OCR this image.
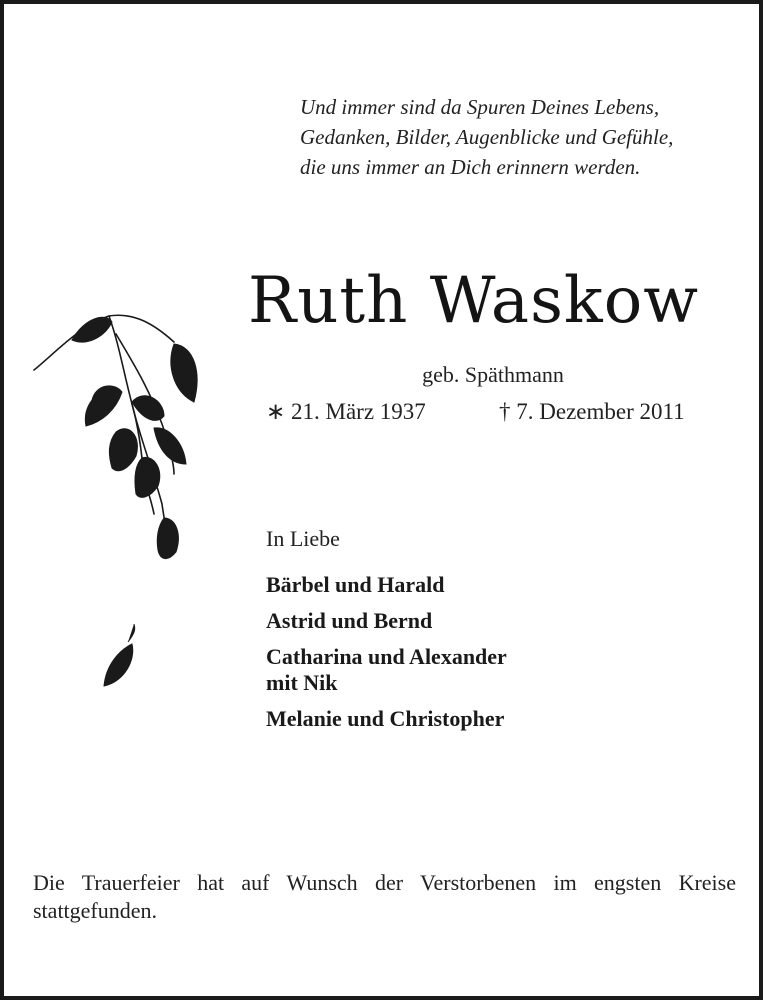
Und immer sind da Spuren Deines Lebens,
Gedanken, Bilder, Augenblicke und Gefühle,
die uns immer an Dich erinnern werden.
Ruth Waskow
geb. Späthmann
∗ 21. März 1937	† 7. Dezember 2011
In Liebe
Bärbel und Harald
Astrid und Bernd
Catharina und Alexander
mit Nik
Melanie und Christopher
Die Trauerfeier hat auf Wunsch der Verstorbenen im engsten Kreise stattgefunden.
